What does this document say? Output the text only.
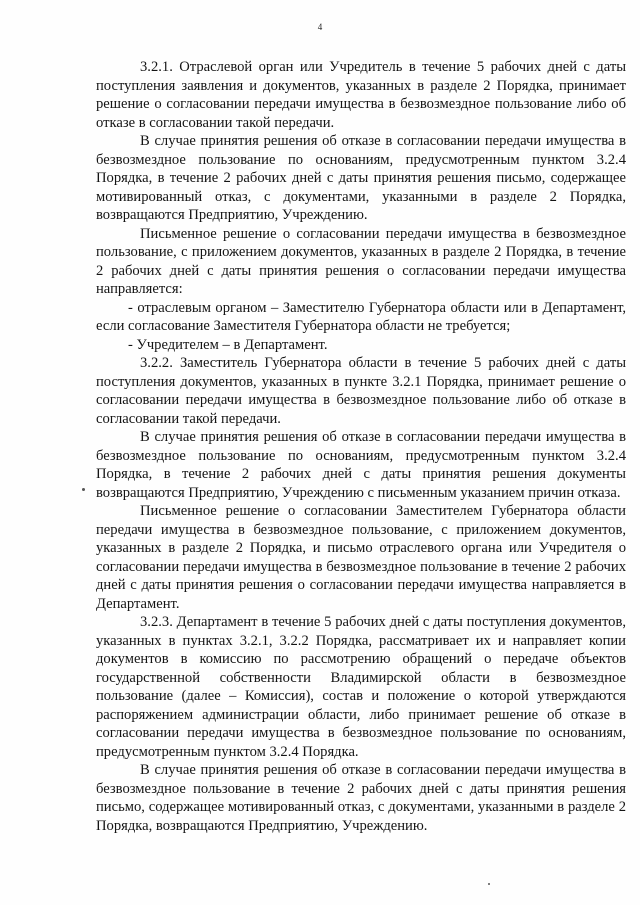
4

3.2.1. Отраслевой орган или Учредитель в течение 5 рабочих дней с даты поступления заявления и документов, указанных в разделе 2 Порядка, принимает решение о согласовании передачи имущества в безвозмездное пользование либо об отказе в согласовании такой передачи.

В случае принятия решения об отказе в согласовании передачи имущества в безвозмездное пользование по основаниям, предусмотренным пунктом 3.2.4 Порядка, в течение 2 рабочих дней с даты принятия решения письмо, содержащее мотивированный отказ, с документами, указанными в разделе 2 Порядка, возвращаются Предприятию, Учреждению.

Письменное решение о согласовании передачи имущества в безвозмездное пользование, с приложением документов, указанных в разделе 2 Порядка, в течение 2 рабочих дней с даты принятия решения о согласовании передачи имущества направляется:

- отраслевым органом – Заместителю Губернатора области или в Департамент, если согласование Заместителя Губернатора области не требуется;

- Учредителем – в Департамент.

3.2.2. Заместитель Губернатора области в течение 5 рабочих дней с даты поступления документов, указанных в пункте 3.2.1 Порядка, принимает решение о согласовании передачи имущества в безвозмездное пользование либо об отказе в согласовании такой передачи.

В случае принятия решения об отказе в согласовании передачи имущества в безвозмездное пользование по основаниям, предусмотренным пунктом 3.2.4 Порядка, в течение 2 рабочих дней с даты принятия решения документы возвращаются Предприятию, Учреждению с письменным указанием причин отказа.

Письменное решение о согласовании Заместителем Губернатора области передачи имущества в безвозмездное пользование, с приложением документов, указанных в разделе 2 Порядка, и письмо отраслевого органа или Учредителя о согласовании передачи имущества в безвозмездное пользование в течение 2 рабочих дней с даты принятия решения о согласовании передачи имущества направляется в Департамент.

3.2.3. Департамент в течение 5 рабочих дней с даты поступления документов, указанных в пунктах 3.2.1, 3.2.2 Порядка, рассматривает их и направляет копии документов в комиссию по рассмотрению обращений о передаче объектов государственной собственности Владимирской области в безвозмездное пользование (далее – Комиссия), состав и положение о которой утверждаются распоряжением администрации области, либо принимает решение об отказе в согласовании передачи имущества в безвозмездное пользование по основаниям, предусмотренным пунктом 3.2.4 Порядка.

В случае принятия решения об отказе в согласовании передачи имущества в безвозмездное пользование в течение 2 рабочих дней с даты принятия решения письмо, содержащее мотивированный отказ, с документами, указанными в разделе 2 Порядка, возвращаются Предприятию, Учреждению.
